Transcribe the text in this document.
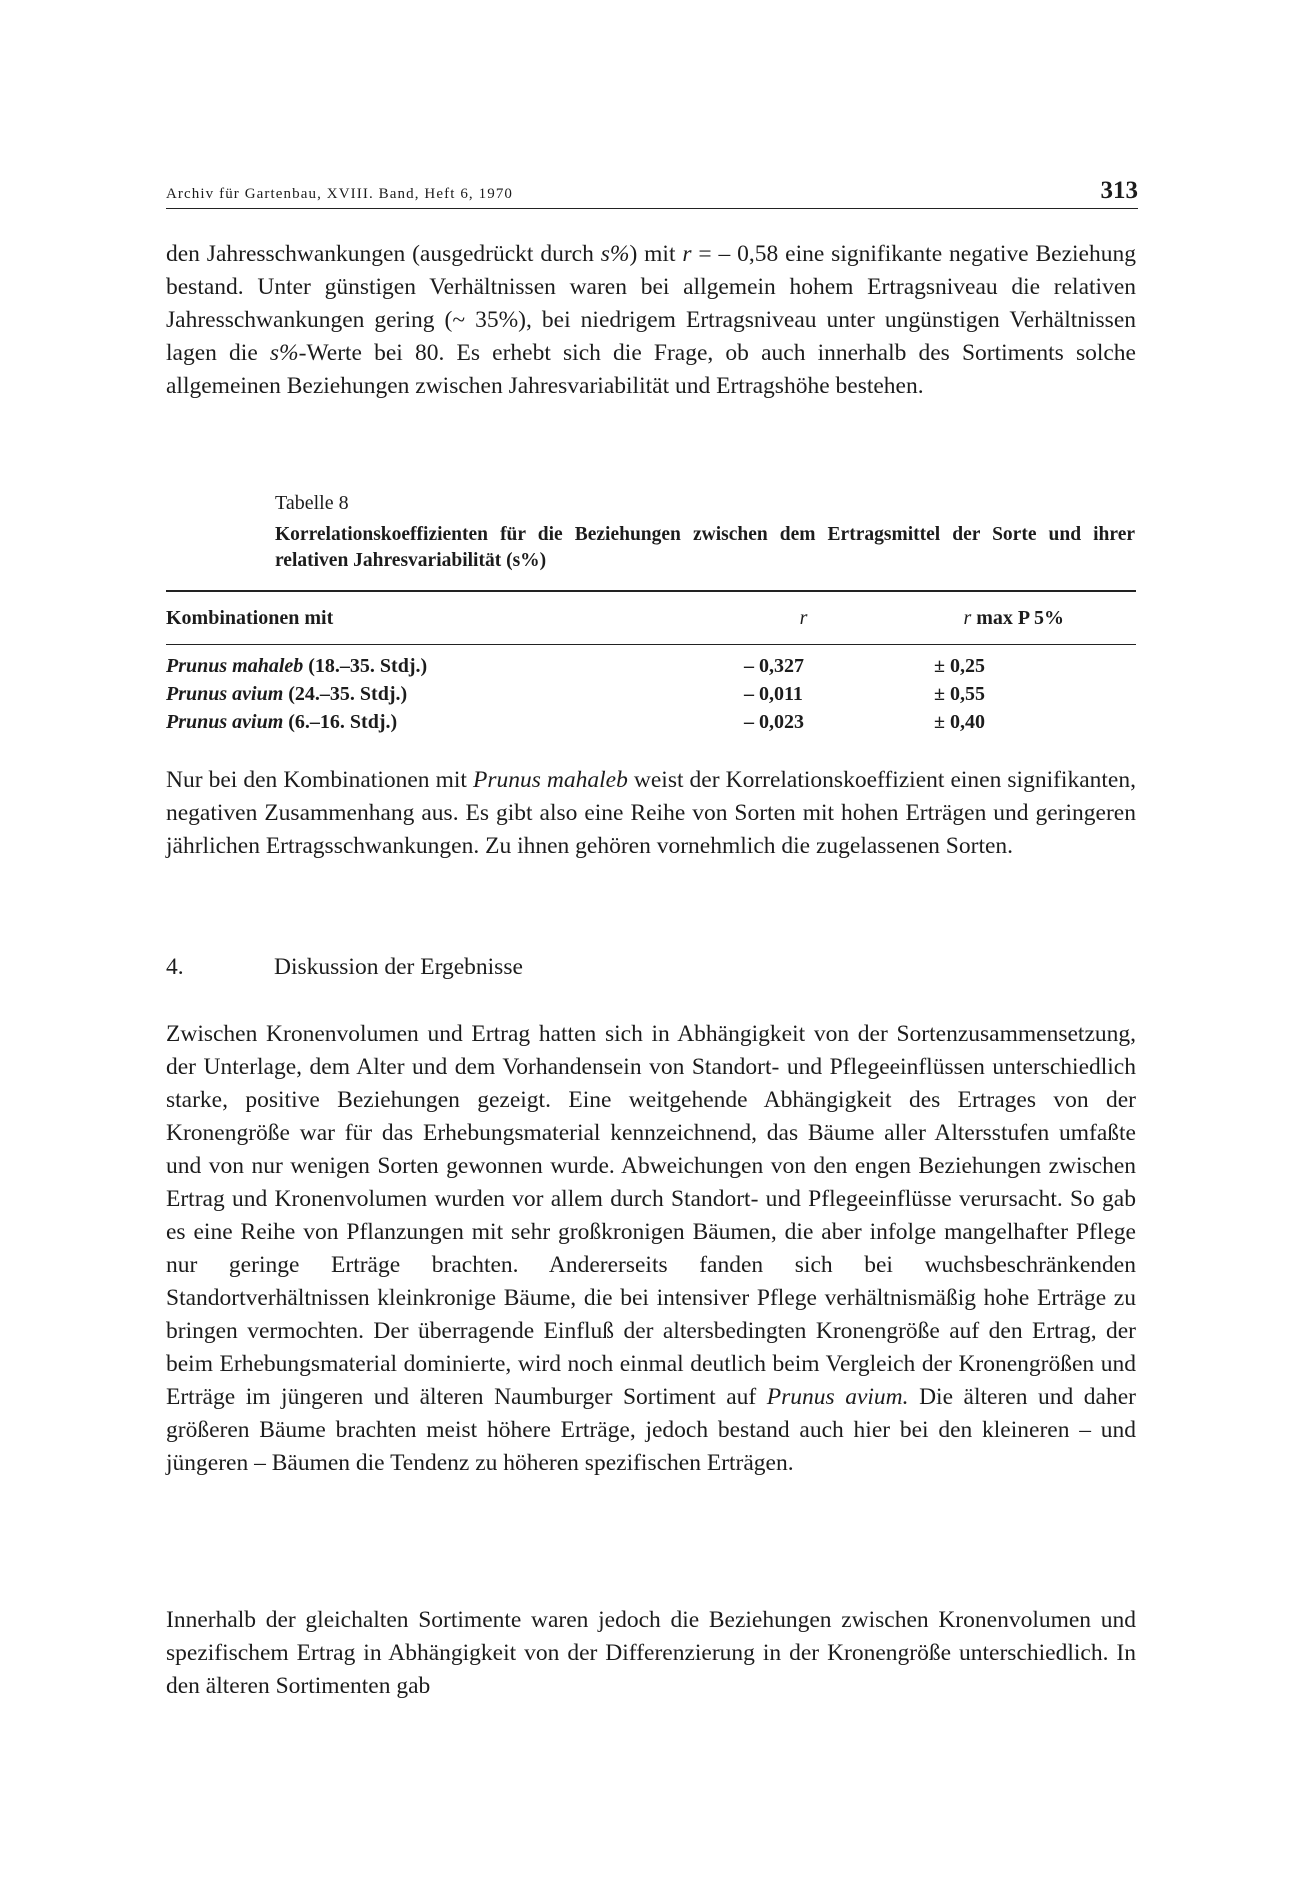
Archiv für Gartenbau, XVIII. Band, Heft 6, 1970	313

den Jahresschwankungen (ausgedrückt durch s%) mit r = – 0,58 eine signifikante negative Beziehung bestand. Unter günstigen Verhältnissen waren bei allgemein hohem Ertragsniveau die relativen Jahresschwankungen gering (~ 35%), bei niedrigem Ertragsniveau unter ungünstigen Verhältnissen lagen die s%-Werte bei 80. Es erhebt sich die Frage, ob auch innerhalb des Sortiments solche allgemeinen Beziehungen zwischen Jahresvariabilität und Ertragshöhe bestehen.

Tabelle 8
Korrelationskoeffizienten für die Beziehungen zwischen dem Ertragsmittel der Sorte und ihrer relativen Jahresvariabilität (s%)
Kombinationen mit	r	r max P 5%
Prunus mahaleb (18.–35. Stdj.)	– 0,327	± 0,25
Prunus avium (24.–35. Stdj.)	– 0,011	± 0,55
Prunus avium (6.–16. Stdj.)	– 0,023	± 0,40

Nur bei den Kombinationen mit Prunus mahaleb weist der Korrelationskoeffizient einen signifikanten, negativen Zusammenhang aus. Es gibt also eine Reihe von Sorten mit hohen Erträgen und geringeren jährlichen Ertragsschwankungen. Zu ihnen gehören vornehmlich die zugelassenen Sorten.

4.	Diskussion der Ergebnisse

Zwischen Kronenvolumen und Ertrag hatten sich in Abhängigkeit von der Sortenzusammensetzung, der Unterlage, dem Alter und dem Vorhandensein von Standort- und Pflegeeinflüssen unterschiedlich starke, positive Beziehungen gezeigt. Eine weitgehende Abhängigkeit des Ertrages von der Kronengröße war für das Erhebungsmaterial kennzeichnend, das Bäume aller Altersstufen umfaßte und von nur wenigen Sorten gewonnen wurde. Abweichungen von den engen Beziehungen zwischen Ertrag und Kronenvolumen wurden vor allem durch Standort- und Pflegeeinflüsse verursacht. So gab es eine Reihe von Pflanzungen mit sehr großkronigen Bäumen, die aber infolge mangelhafter Pflege nur geringe Erträge brachten. Andererseits fanden sich bei wuchsbeschränkenden Standortverhältnissen kleinkronige Bäume, die bei intensiver Pflege verhältnismäßig hohe Erträge zu bringen vermochten. Der überragende Einfluß der altersbedingten Kronengröße auf den Ertrag, der beim Erhebungsmaterial dominierte, wird noch einmal deutlich beim Vergleich der Kronengrößen und Erträge im jüngeren und älteren Naumburger Sortiment auf Prunus avium. Die älteren und daher größeren Bäume brachten meist höhere Erträge, jedoch bestand auch hier bei den kleineren – und jüngeren – Bäumen die Tendenz zu höheren spezifischen Erträgen.

Innerhalb der gleichalten Sortimente waren jedoch die Beziehungen zwischen Kronenvolumen und spezifischem Ertrag in Abhängigkeit von der Differenzierung in der Kronengröße unterschiedlich. In den älteren Sortimenten gab
